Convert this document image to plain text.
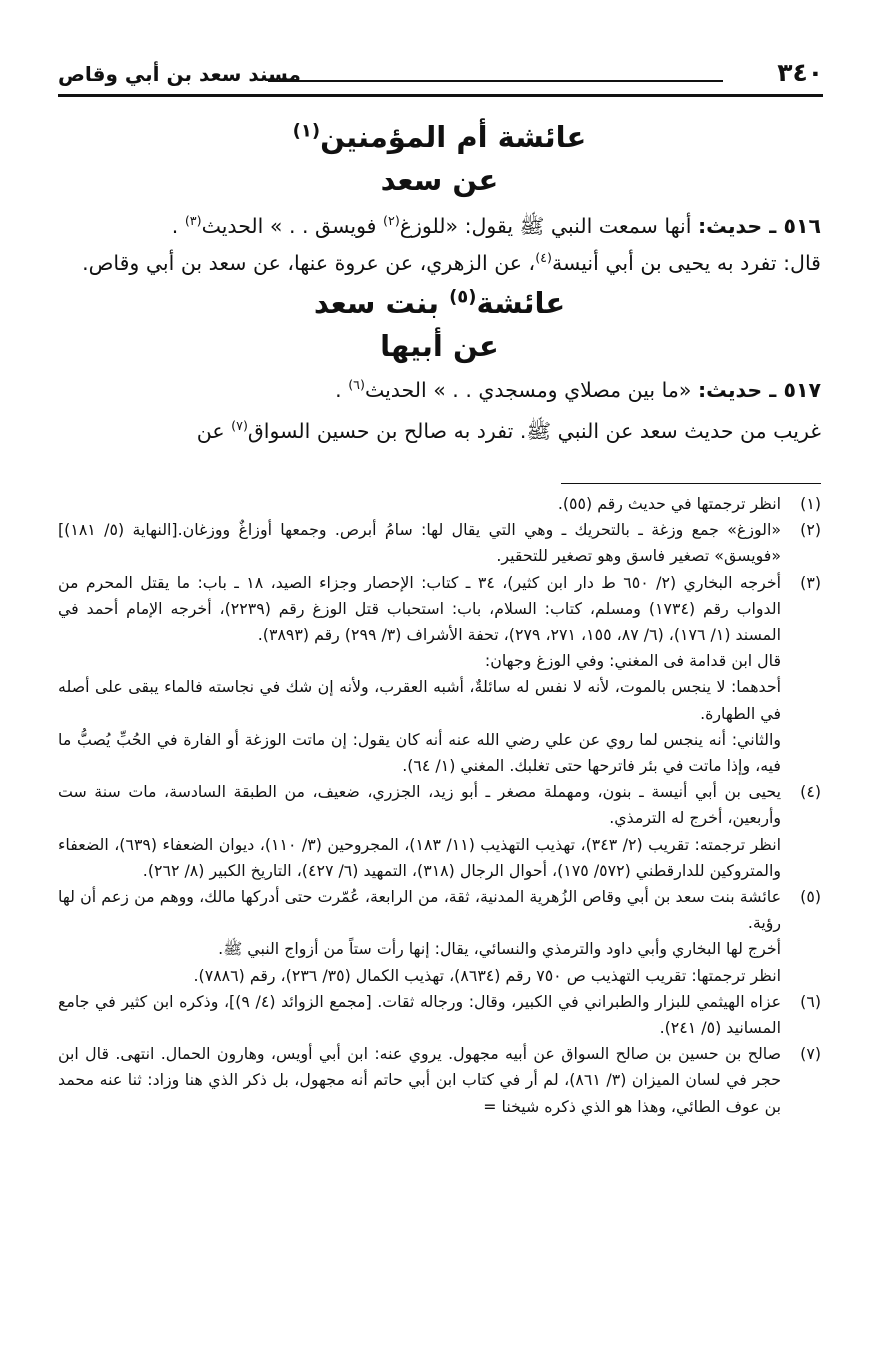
٣٤٠
مسند سعد بن أبي وقاص
عائشة أم المؤمنين$^{(١)}$
عن سعد

٥١٦ ـ حديث: أنها سمعت النبي ﷺ يقول: «للوزغ$^{(٢)}$ فويسق . . » الحديث$^{(٣)}$ .

قال: تفرد به يحيى بن أبي أنيسة$^{(٤)}$، عن الزهري، عن عروة عنها، عن سعد بن أبي وقاص.

عائشة$^{(٥)}$ بنت سعد
عن أبيها

٥١٧ ـ حديث: «ما بين مصلاي ومسجدي . . » الحديث$^{(٦)}$ .

غريب من حديث سعد عن النبي ﷺ. تفرد به صالح بن حسين السواق$^{(٧)}$ عن

(١)
انظر ترجمتها في حديث رقم (٥٥).
(٢)
«الوزغ» جمع وزغة ـ بالتحريك ـ وهي التي يقال لها: سامُ أبرص. وجمعها أوزاغٌ ووزغان.[النهاية (٥/ ١٨١)] «فويسق» تصغير فاسق وهو تصغير للتحقير.
(٣)
أخرجه البخاري (٢/ ٦٥٠ ط دار ابن كثير)، ٣٤ ـ كتاب: الإحصار وجزاء الصيد، ١٨ ـ باب: ما يقتل المحرم من الدواب رقم (١٧٣٤) ومسلم، كتاب: السلام، باب: استحباب قتل الوزغ رقم (٢٢٣٩)، أخرجه الإمام أحمد في المسند (١/ ١٧٦)، (٦/ ٨٧، ١٥٥، ٢٧١، ٢٧٩)، تحفة الأشراف (٣/ ٢٩٩) رقم (٣٨٩٣).
قال ابن قدامة فى المغني: وفي الوزغ وجهان:
أحدهما: لا ينجس بالموت، لأنه لا نفس له سائلةٌ، أشبه العقرب، ولأنه إن شك في نجاسته فالماء يبقى على أصله في الطهارة.
والثاني: أنه ينجس لما روي عن علي رضي الله عنه أنه كان يقول: إن ماتت الوزغة أو الفارة في الحُبِّ يُصبُّ ما فيه، وإذا ماتت في بئر فاترحها حتى تغلبك. المغني (١/ ٦٤).
(٤)
يحيى بن أبي أنيسة ـ بنون، ومهملة مصغر ـ أبو زيد، الجزري، ضعيف، من الطبقة السادسة، مات سنة ست وأربعين، أخرج له الترمذي.
انظر ترجمته: تقريب (٢/ ٣٤٣)، تهذيب التهذيب (١١/ ١٨٣)، المجروحين (٣/ ١١٠)، ديوان الضعفاء (٦٣٩)، الضعفاء والمتروكين للدارقطني (٥٧٢/ ١٧٥)، أحوال الرجال (٣١٨)، التمهيد (٦/ ٤٢٧)، التاريخ الكبير (٨/ ٢٦٢).
(٥)
عائشة بنت سعد بن أبي وقاص الزُهرية المدنية، ثقة، من الرابعة، عُمّرت حتى أدركها مالك، ووهم من زعم أن لها رؤية.
أخرج لها البخاري وأبي داود والترمذي والنسائي، يقال: إنها رأت ستاً من أزواج النبي ﷺ.
انظر ترجمتها: تقريب التهذيب ص ٧٥٠ رقم (٨٦٣٤)، تهذيب الكمال (٣٥/ ٢٣٦)، رقم (٧٨٨٦).
(٦)
عزاه الهيثمي للبزار والطبراني في الكبير، وقال: ورجاله ثقات. [مجمع الزوائد (٤/ ٩)]، وذكره ابن كثير في جامع المسانيد (٥/ ٢٤١).
(٧)
صالح بن حسين بن صالح السواق عن أبيه مجهول. يروي عنه: ابن أبي أويس، وهارون الحمال. انتهى. قال ابن حجر في لسان الميزان (٣/ ٨٦١)، لم أر في كتاب ابن أبي حاتم أنه مجهول، بل ذكر الذي هنا وزاد: ثنا عنه محمد بن عوف الطائي، وهذا هو الذي ذكره شيخنا =
